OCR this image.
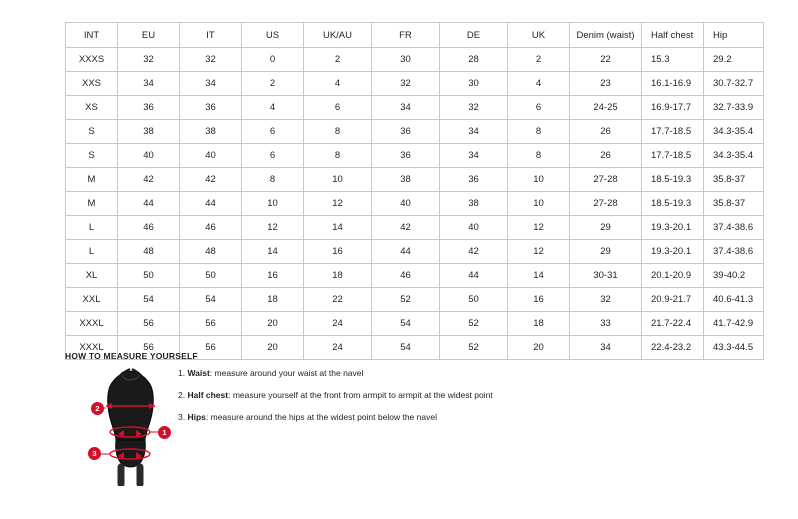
INT	EU	IT	US	UK/AU	FR	DE	UK	Denim (waist)	Half chest	Hip
XXXS	32	32	0	2	30	28	2	22	15.3	29.2
XXS	34	34	2	4	32	30	4	23	16.1-16.9	30.7-32.7
XS	36	36	4	6	34	32	6	24-25	16.9-17.7	32.7-33.9
S	38	38	6	8	36	34	8	26	17.7-18.5	34.3-35.4
S	40	40	6	8	36	34	8	26	17.7-18.5	34.3-35.4
M	42	42	8	10	38	36	10	27-28	18.5-19.3	35.8-37
M	44	44	10	12	40	38	10	27-28	18.5-19.3	35.8-37
L	46	46	12	14	42	40	12	29	19.3-20.1	37.4-38.6
L	48	48	14	16	44	42	12	29	19.3-20.1	37.4-38.6
XL	50	50	16	18	46	44	14	30-31	20.1-20.9	39-40.2
XXL	54	54	18	22	52	50	16	32	20.9-21.7	40.6-41.3
XXXL	56	56	20	24	54	52	18	33	21.7-22.4	41.7-42.9
XXXL	56	56	20	24	54	52	20	34	22.4-23.2	43.3-44.5
HOW TO MEASURE YOURSELF
1. Waist: measure around your waist at the navel
2. Half chest: measure yourself at the front from armpit to armpit at the widest point
3. Hips: measure around the hips at the widest point below the navel
1
2
3
